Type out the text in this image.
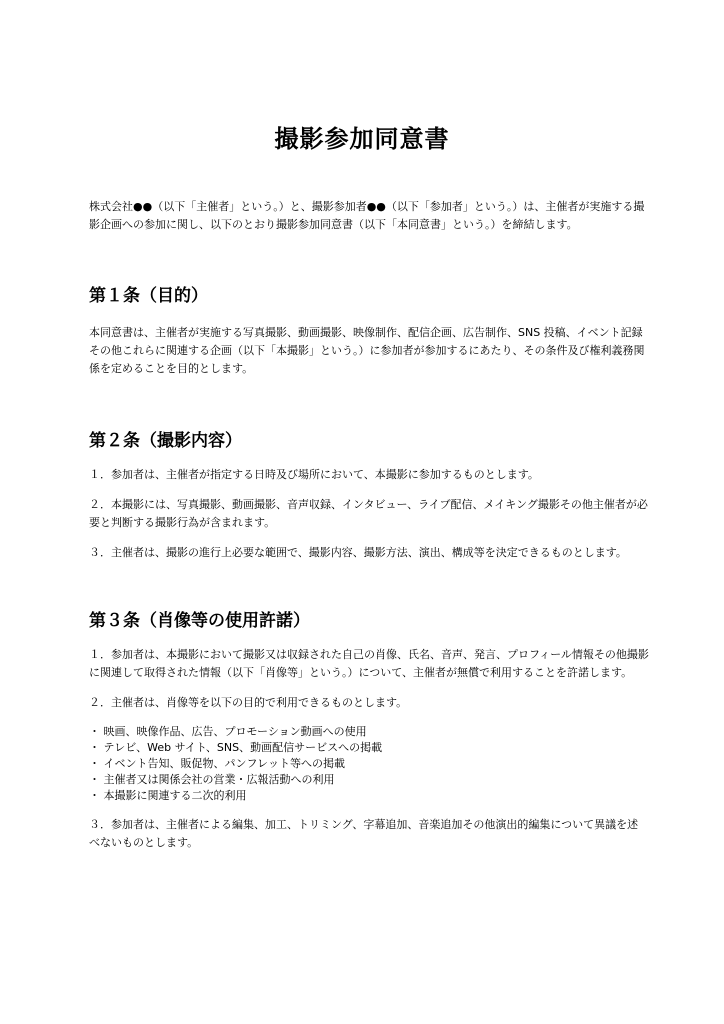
撮影参加同意書

株式会社●●（以下「主催者」という。）と、撮影参加者●●（以下「参加者」という。）は、主催者が実施する撮影企画への参加に関し、以下のとおり撮影参加同意書（以下「本同意書」という。）を締結します。

第１条（目的）

本同意書は、主催者が実施する写真撮影、動画撮影、映像制作、配信企画、広告制作、SNS 投稿、イベント記録その他これらに関連する企画（以下「本撮影」という。）に参加者が参加するにあたり、その条件及び権利義務関係を定めることを目的とします。

第２条（撮影内容）

１．参加者は、主催者が指定する日時及び場所において、本撮影に参加するものとします。

２．本撮影には、写真撮影、動画撮影、音声収録、インタビュー、ライブ配信、メイキング撮影その他主催者が必要と判断する撮影行為が含まれます。

３．主催者は、撮影の進行上必要な範囲で、撮影内容、撮影方法、演出、構成等を決定できるものとします。

第３条（肖像等の使用許諾）

１．参加者は、本撮影において撮影又は収録された自己の肖像、氏名、音声、発言、プロフィール情報その他撮影に関連して取得された情報（以下「肖像等」という。）について、主催者が無償で利用することを許諾します。

２．主催者は、肖像等を以下の目的で利用できるものとします。

・ 映画、映像作品、広告、プロモーション動画への使用
・ テレビ、Web サイト、SNS、動画配信サービスへの掲載
・ イベント告知、販促物、パンフレット等への掲載
・ 主催者又は関係会社の営業・広報活動への利用
・ 本撮影に関連する二次的利用

３．参加者は、主催者による編集、加工、トリミング、字幕追加、音楽追加その他演出的編集について異議を述べないものとします。
